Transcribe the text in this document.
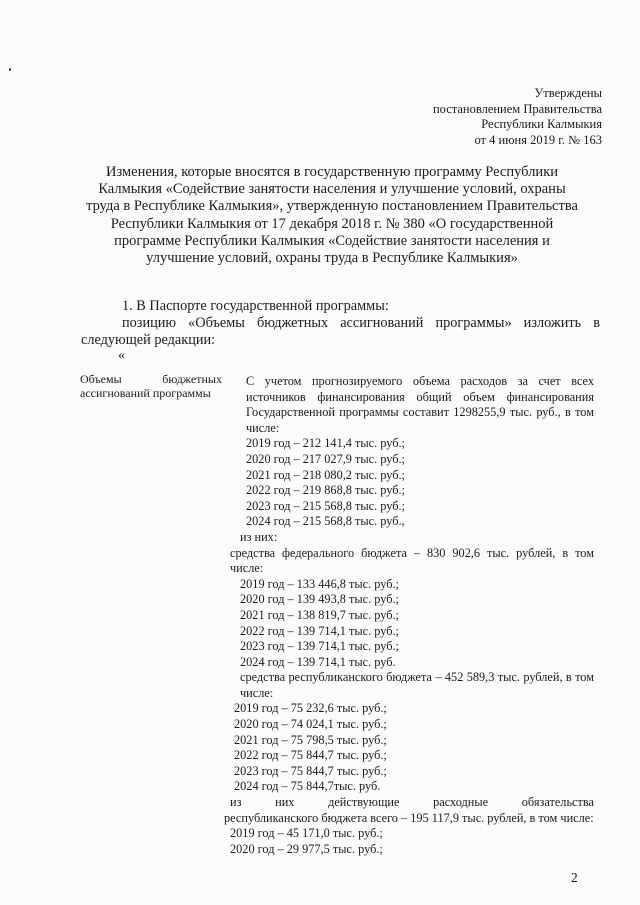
Утверждены
постановлением Правительства
Республики Калмыкия
от 4 июня 2019 г. № 163
Изменения, которые вносятся в государственную программу Республики Калмыкия «Содействие занятости населения и улучшение условий, охраны труда в Республике Калмыкия», утвержденную постановлением Правительства Республики Калмыкия от 17 декабря 2018 г. № 380 «О государственной программе Республики Калмыкия «Содействие занятости населения и улучшение условий, охраны труда в Республике Калмыкия»
1. В Паспорте государственной программы:
позицию «Объемы бюджетных ассигнований программы» изложить в
следующей редакции:
«
Объемы	бюджетных
ассигнований программы
С учетом прогнозируемого объема расходов за счет всех источников финансирования общий объем финансирования Государственной программы составит 1298255,9 тыс. руб., в том числе:
2019 год – 212 141,4 тыс. руб.;
2020 год – 217 027,9 тыс. руб.;
2021 год – 218 080,2 тыс. руб.;
2022 год – 219 868,8 тыс. руб.;
2023 год – 215 568,8 тыс. руб.;
2024 год – 215 568,8 тыс. руб.,
из них:
средства федерального бюджета – 830 902,6 тыс. рублей, в том числе:
2019 год – 133 446,8 тыс. руб.;
2020 год – 139 493,8 тыс. руб.;
2021 год – 138 819,7 тыс. руб.;
2022 год – 139 714,1 тыс. руб.;
2023 год – 139 714,1 тыс. руб.;
2024 год – 139 714,1 тыс. руб.
средства республиканского бюджета – 452 589,3 тыс. рублей, в том числе:
2019 год – 75 232,6 тыс. руб.;
2020 год – 74 024,1 тыс. руб.;
2021 год – 75 798,5 тыс. руб.;
2022 год – 75 844,7 тыс. руб.;
2023 год – 75 844,7 тыс. руб.;
2024 год – 75 844,7тыс. руб.
из них действующие расходные обязательства
республиканского бюджета всего – 195 117,9 тыс. рублей, в том числе:
2019 год – 45 171,0 тыс. руб.;
2020 год – 29 977,5 тыс. руб.;
2
